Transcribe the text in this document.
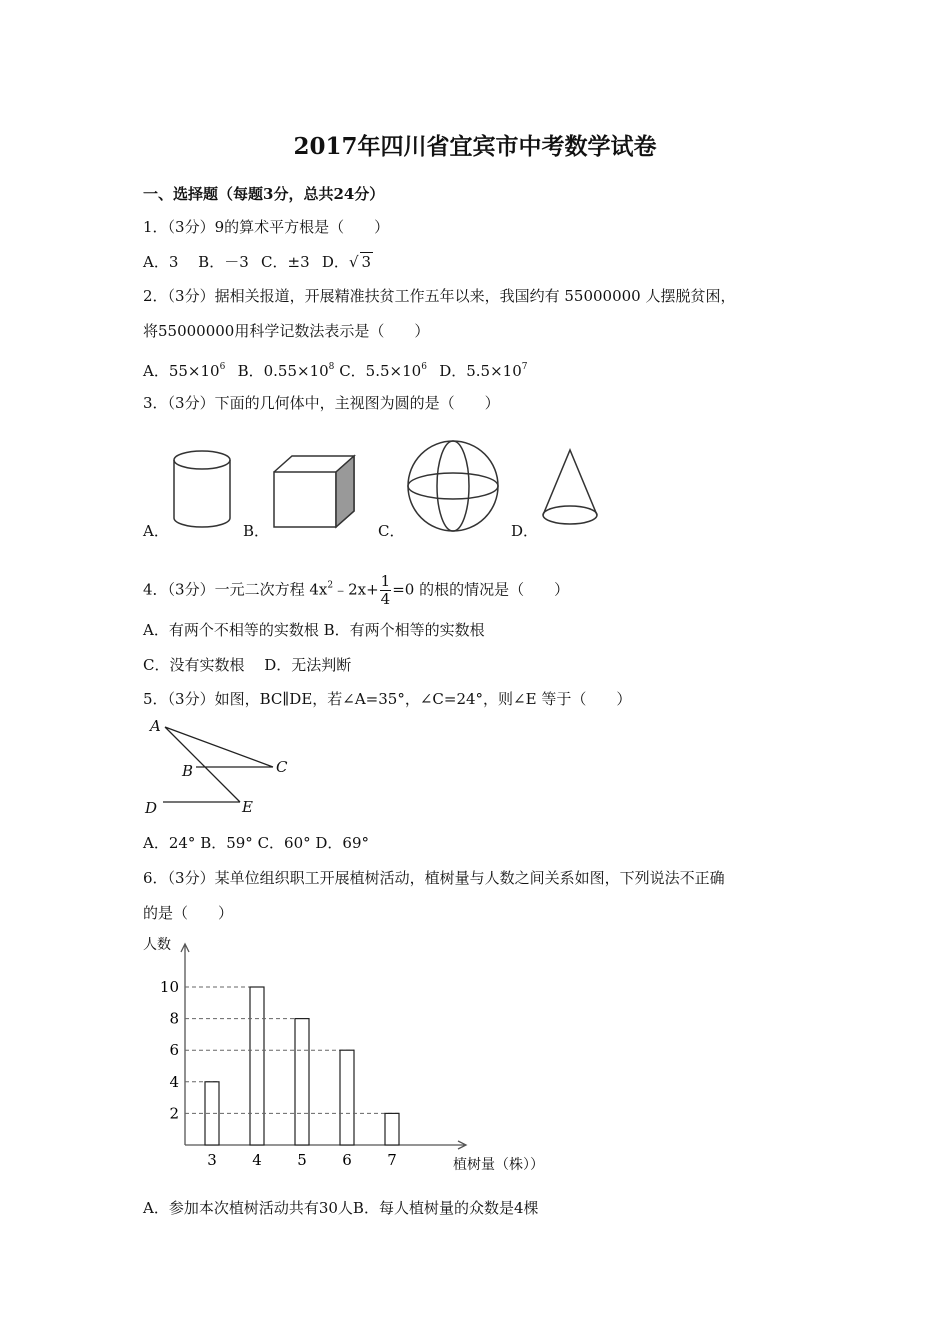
2017年四川省宜宾市中考数学试卷
一、选择题（每题3分，总共24分）
1．（3分）9的算术平方根是（　　）
A．3  B．－3  C．±3  D．√ 3
2．（3分）据相关报道，开展精准扶贫工作五年以来，我国约有 55000000 人摆脱贫困，
将55000000用科学记数法表示是（　　）
A．$55\times 10^6$  B．$0.55\times 10^8$ C．$5.5\times 10^6$  D．$5.5\times 10^7$
3．（3分）下面的几何体中，主视图为圆的是（　　）
A．	B．	C．	D．
4．（3分）一元二次方程 $4x^2﹣2x+ \frac{1}{4} =0$ 的根的情况是（　　）
A．有两个不相等的实数根 B．有两个相等的实数根
C．没有实数根　 D．无法判断
5．（3分）如图，BC∥DE，若∠A=35°，∠C=24°，则∠E 等于（　　）
A
B	C
D	E
A．24° B．59° C．60° D．69°
6．（3分）某单位组织职工开展植树活动，植树量与人数之间关系如图，下列说法不正确
的是（　　）
3 4 5 6 7
2
4
6
8
10
人数
植树量（株））
A．参加本次植树活动共有30人B．每人植树量的众数是4棵
